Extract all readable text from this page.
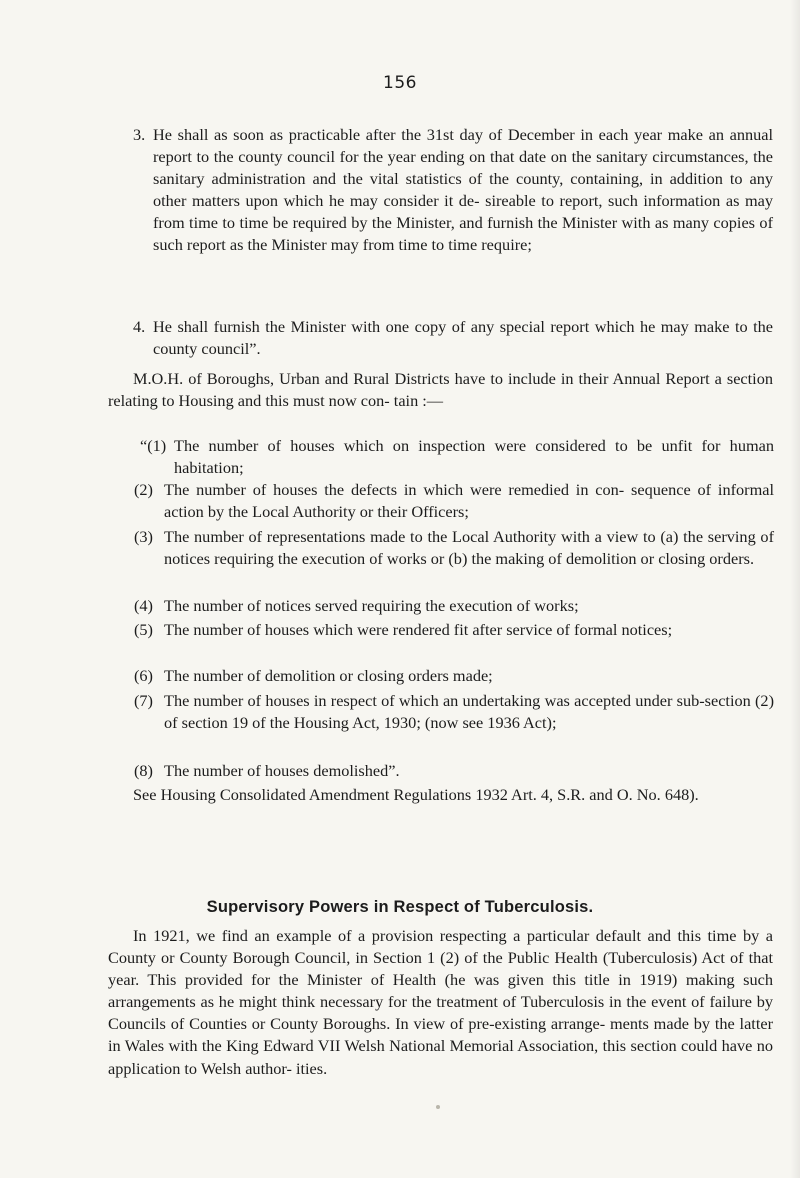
156
3. He shall as soon as practicable after the 31st day of December in each year make an annual report to the county council for the year ending on that date on the sanitary circumstances, the sanitary administration and the vital statistics of the county, containing, in addition to any other matters upon which he may consider it de- sireable to report, such information as may from time to time be required by the Minister, and furnish the Minister with as many copies of such report as the Minister may from time to time require;
4. He shall furnish the Minister with one copy of any special report which he may make to the county council”.

M.O.H. of Boroughs, Urban and Rural Districts have to include in their Annual Report a section relating to Housing and this must now con- tain :—

“(1) The number of houses which on inspection were considered to be unfit for human habitation;
(2) The number of houses the defects in which were remedied in con- sequence of informal action by the Local Authority or their Officers;
(3) The number of representations made to the Local Authority with a view to (a) the serving of notices requiring the execution of works or (b) the making of demolition or closing orders.
(4) The number of notices served requiring the execution of works;
(5) The number of houses which were rendered fit after service of formal notices;
(6) The number of demolition or closing orders made;
(7) The number of houses in respect of which an undertaking was accepted under sub-section (2) of section 19 of the Housing Act, 1930; (now see 1936 Act);
(8) The number of houses demolished”.

See Housing Consolidated Amendment Regulations 1932 Art. 4, S.R. and O. No. 648).

Supervisory Powers in Respect of Tuberculosis.

In 1921, we find an example of a provision respecting a particular default and this time by a County or County Borough Council, in Section 1 (2) of the Public Health (Tuberculosis) Act of that year. This provided for the Minister of Health (he was given this title in 1919) making such arrangements as he might think necessary for the treatment of Tuberculosis in the event of failure by Councils of Counties or County Boroughs. In view of pre-existing arrange- ments made by the latter in Wales with the King Edward VII Welsh National Memorial Association, this section could have no application to Welsh author- ities.
